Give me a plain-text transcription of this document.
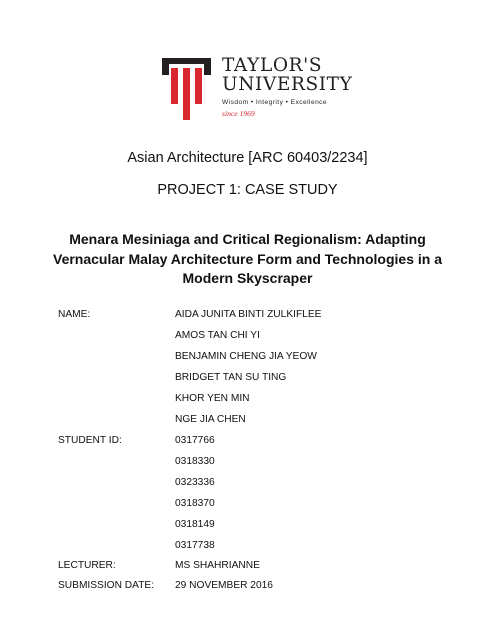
TAYLOR'S
UNIVERSITY
Wisdom • Integrity • Excellence
since 1969
Asian Architecture [ARC 60403/2234]
PROJECT 1: CASE STUDY
Menara Mesiniaga and Critical Regionalism: Adapting Vernacular Malay Architecture Form and Technologies in a Modern Skyscraper
NAME:	AIDA JUNITA BINTI ZULKIFLEE
AMOS TAN CHI YI
BENJAMIN CHENG JIA YEOW
BRIDGET TAN SU TING
KHOR YEN MIN
NGE JIA CHEN
STUDENT ID:	0317766
0318330
0323336
0318370
0318149
0317738
LECTURER:	MS SHAHRIANNE
SUBMISSION DATE: 29 NOVEMBER 2016
